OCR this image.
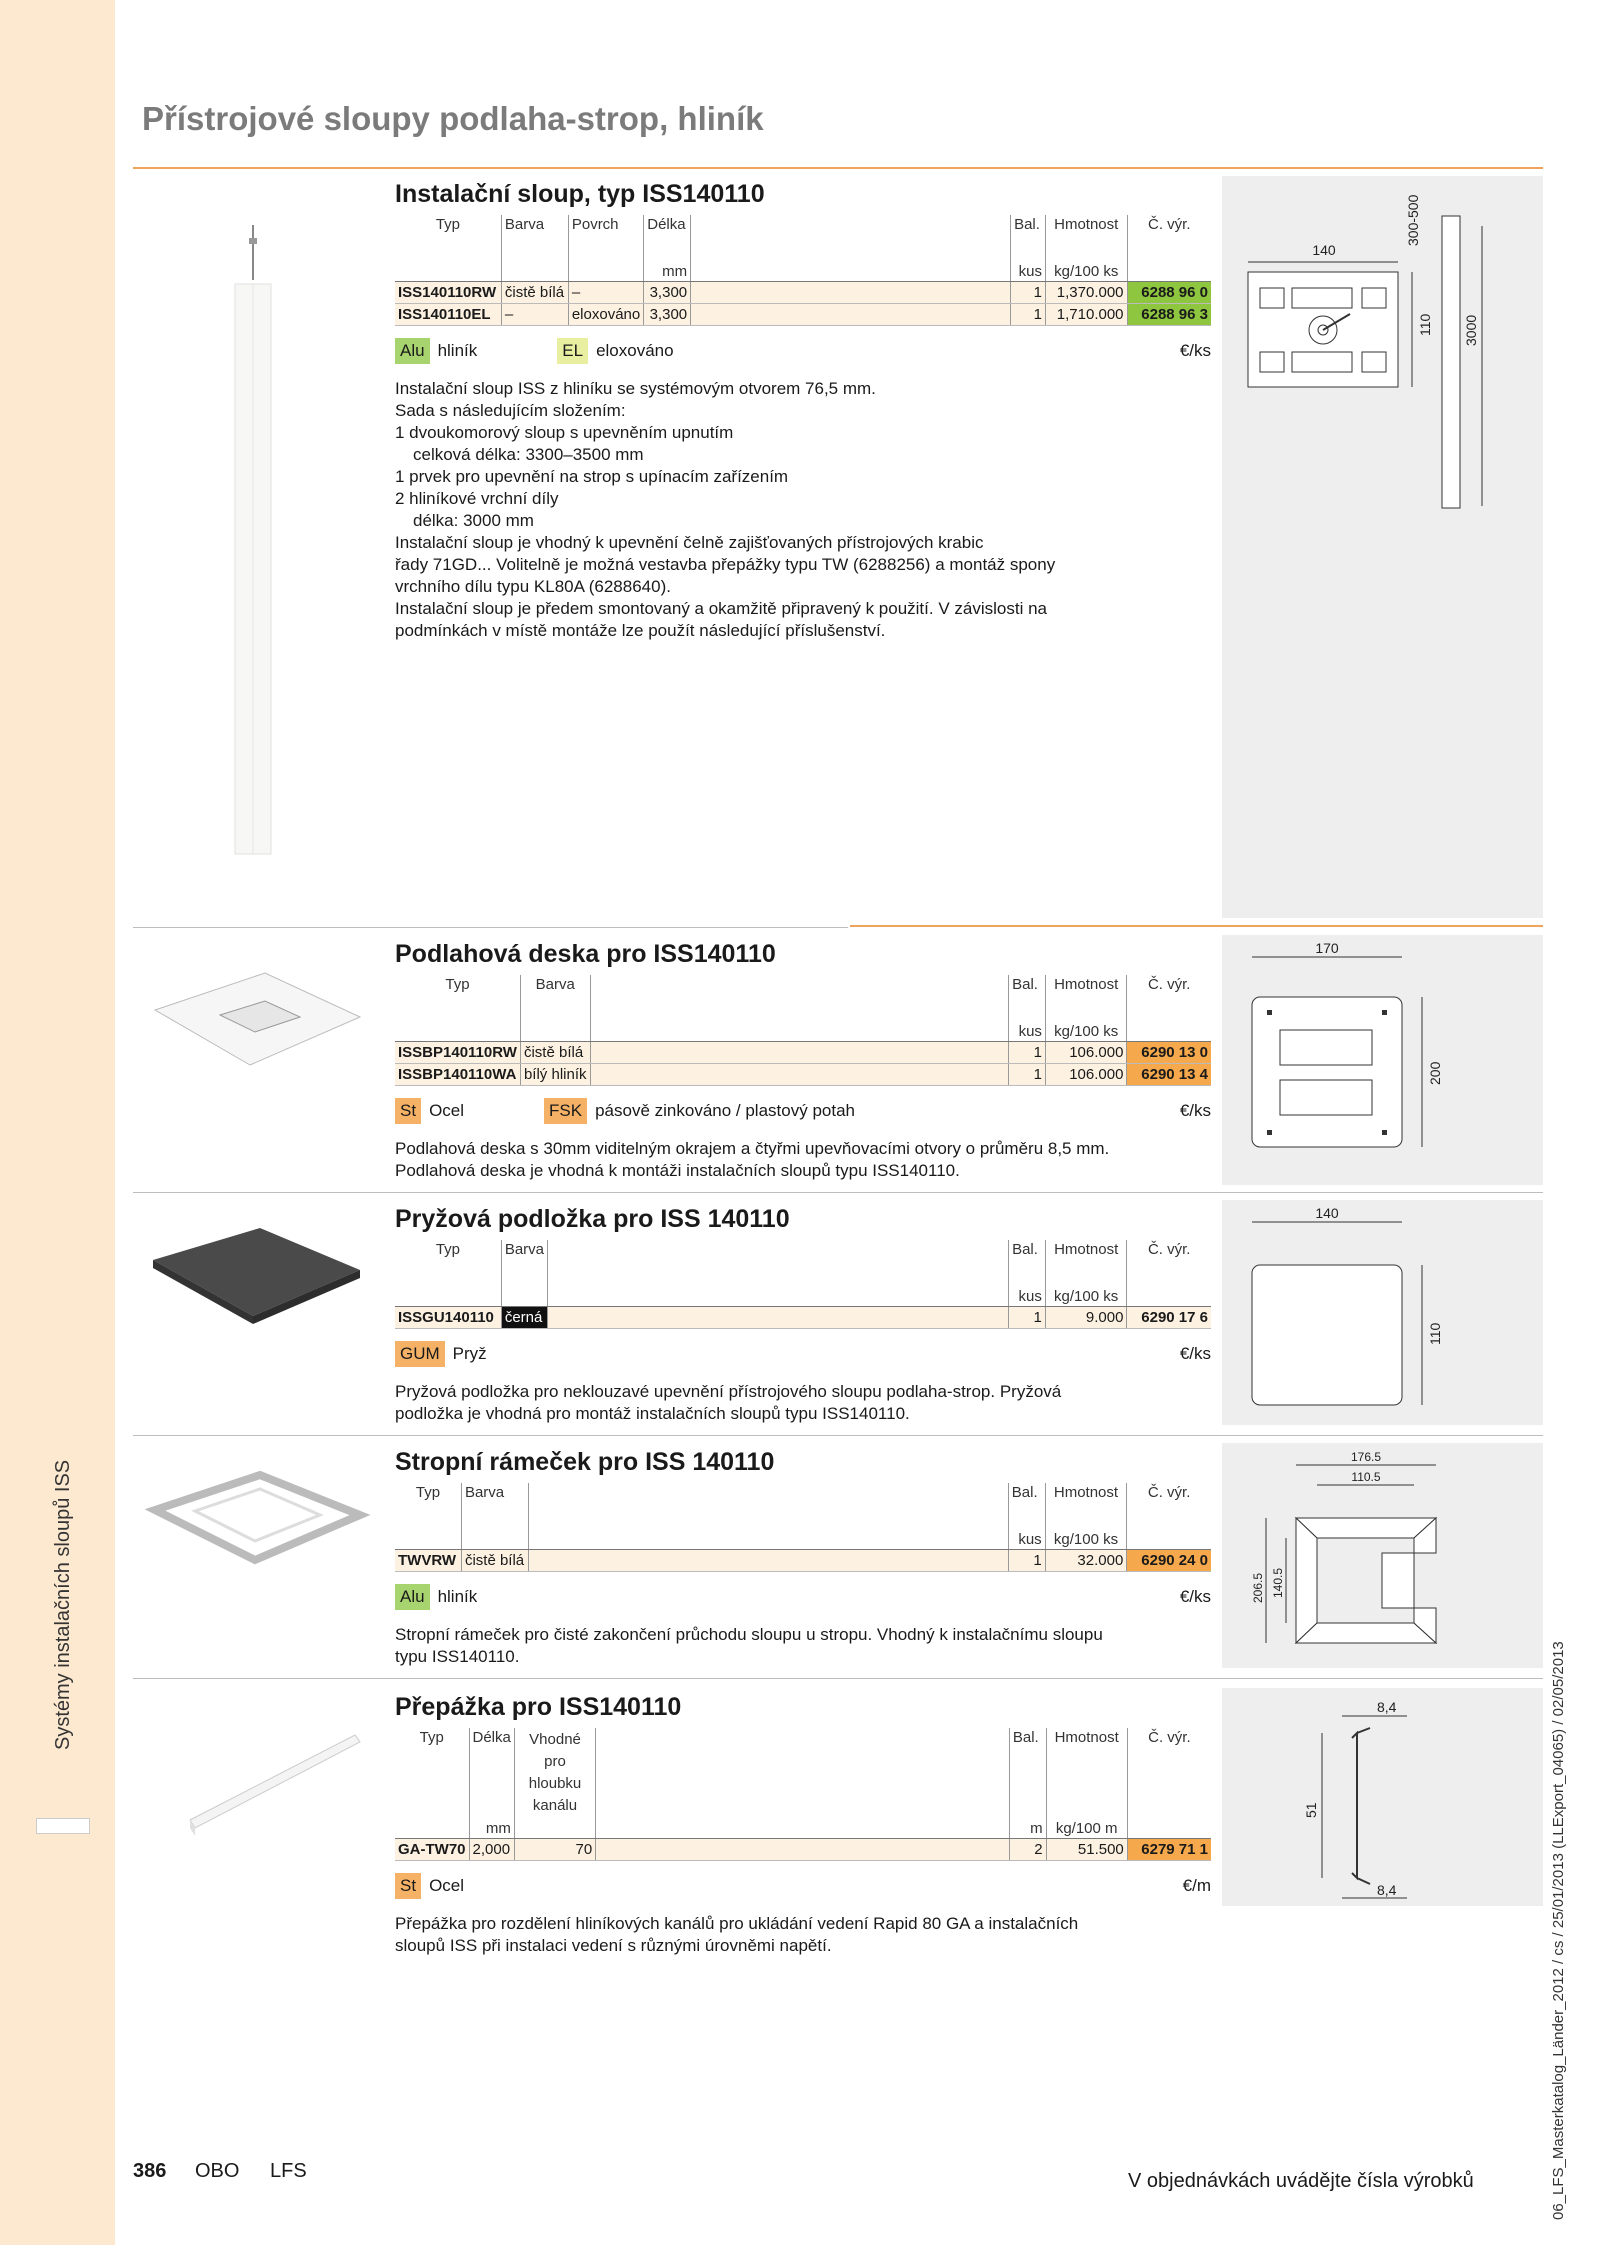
Systémy instalačních sloupů ISS
Přístrojové sloupy podlaha-strop, hliník
Instalační sloup, typ ISS140110
Typ	Barva	Povrch	Délka		Bal.	Hmotnost	Č. výr.
			mm		kus	kg/100 ks	
ISS140110RW	čistě bílá	–	3,300		1	1,370.000	6288 96 0
ISS140110EL	–	eloxováno	3,300		1	1,710.000	6288 96 3
Alu hliník	EL eloxováno	€/ks

Instalační sloup ISS z hliníku se systémovým otvorem 76,5 mm.

Sada s následujícím složením:

1 dvoukomorový sloup s upevněním upnutím

celková délka: 3300–3500 mm

1 prvek pro upevnění na strop s upínacím zařízením

2 hliníkové vrchní díly

délka: 3000 mm

Instalační sloup je vhodný k upevnění čelně zajišťovaných přístrojových krabic

řady 71GD... Volitelně je možná vestavba přepážky typu TW (6288256) a montáž spony

vrchního dílu typu KL80A (6288640).

Instalační sloup je předem smontovaný a okamžitě připravený k použití. V závislosti na

podmínkách v místě montáže lze použít následující příslušenství.

140
110
300-500
3000
Podlahová deska pro ISS140110
Typ	Barva		Bal.	Hmotnost	Č. výr.
			kus	kg/100 ks	
ISSBP140110RW	čistě bílá		1	106.000	6290 13 0
ISSBP140110WA	bílý hliník		1	106.000	6290 13 4
St Ocel	FSK pásově zinkováno / plastový potah	€/ks

Podlahová deska s 30mm viditelným okrajem a čtyřmi upevňovacími otvory o průměru 8,5 mm.

Podlahová deska je vhodná k montáži instalačních sloupů typu ISS140110.

170
200
Pryžová podložka pro ISS 140110
Typ	Barva		Bal.	Hmotnost	Č. výr.
			kus	kg/100 ks	
ISSGU140110	černá		1	9.000	6290 17 6
GUM Pryž	€/ks

Pryžová podložka pro neklouzavé upevnění přístrojového sloupu podlaha-strop. Pryžová

podložka je vhodná pro montáž instalačních sloupů typu ISS140110.

140
110
Stropní rámeček pro ISS 140110
Typ	Barva		Bal.	Hmotnost	Č. výr.
			kus	kg/100 ks	
TWVRW	čistě bílá		1	32.000	6290 24 0
Alu hliník	€/ks

Stropní rámeček pro čisté zakončení průchodu sloupu u stropu. Vhodný k instalačnímu sloupu

typu ISS140110.

176.5
110.5
206.5 140.5
Přepážka pro ISS140110
Typ	Délka	Vhodné pro hloubku kanálu		Bal.	Hmotnost	Č. výr.
	mm			m	kg/100 m	
GA-TW70	2,000	70		2	51.500	6279 71 1
St Ocel	€/m

Přepážka pro rozdělení hliníkových kanálů pro ukládání vedení Rapid 80 GA a instalačních

sloupů ISS při instalaci vedení s různými úrovněmi napětí.

8,4
51
8,4
386 OBO LFS	V objednávkách uvádějte čísla výrobků	06_LFS_Masterkatalog_Länder_2012 / cs / 25/01/2013 (LLExport_04065) / 02/05/2013
